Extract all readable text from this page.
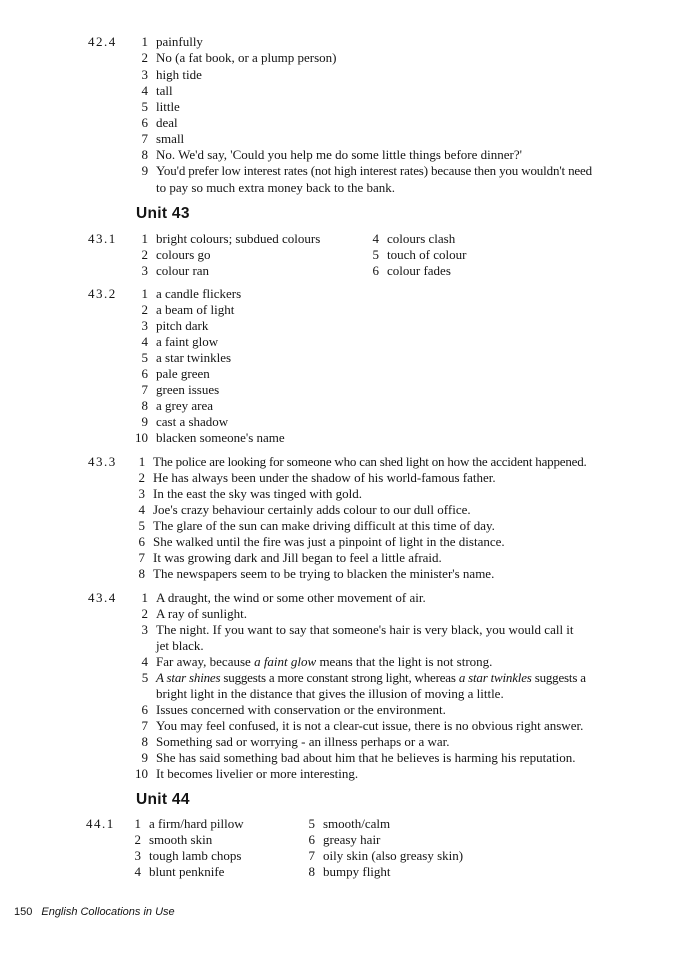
42.4 1 painfully
2 No (a fat book, or a plump person)
3 high tide
4 tall
5 little
6 deal
7 small
8 No. We'd say, 'Could you help me do some little things before dinner?'
9 You'd prefer low interest rates (not high interest rates) because then you wouldn't need
to pay so much extra money back to the bank.
Unit 43
43.1 1 bright colours; subdued colours
2 colours go
3 colour ran
4 colours clash
5 touch of colour
6 colour fades
43.2	1 a candle flickers
2 a beam of light
3 pitch dark
4 a faint glow
5 a star twinkles
6 pale green
7 green issues
8 a grey area
9 cast a shadow
10 blacken someone's name
43.3 1 The police are looking for someone who can shed light on how the accident happened.
2 He has always been under the shadow of his world-famous father.
3 In the east the sky was tinged with gold.
4 Joe's crazy behaviour certainly adds colour to our dull office.
5 The glare of the sun can make driving difficult at this time of day.
6 She walked until the fire was just a pinpoint of light in the distance.
7 It was growing dark and Jill began to feel a little afraid.
8 The newspapers seem to be trying to blacken the minister's name.
43.4	1 A draught, the wind or some other movement of air.
2 A ray of sunlight.
3 The night. If you want to say that someone's hair is very black, you would call it
jet black.
4 Far away, because a faint glow means that the light is not strong.
5 A star shines suggests a more constant strong light, whereas a star twinkles suggests a
bright light in the distance that gives the illusion of moving a little.
6 Issues concerned with conservation or the environment.
7 You may feel confused, it is not a clear-cut issue, there is no obvious right answer.
8 Something sad or worrying - an illness perhaps or a war.
9 She has said something bad about him that he believes is harming his reputation.
10 It becomes livelier or more interesting.
Unit 44
44.1 1 a firm/hard pillow
2 smooth skin
3 tough lamb chops
4 blunt penknife
5 smooth/calm
6 greasy hair
7 oily skin (also greasy skin)
8 bumpy flight
150 English Collocations in Use
